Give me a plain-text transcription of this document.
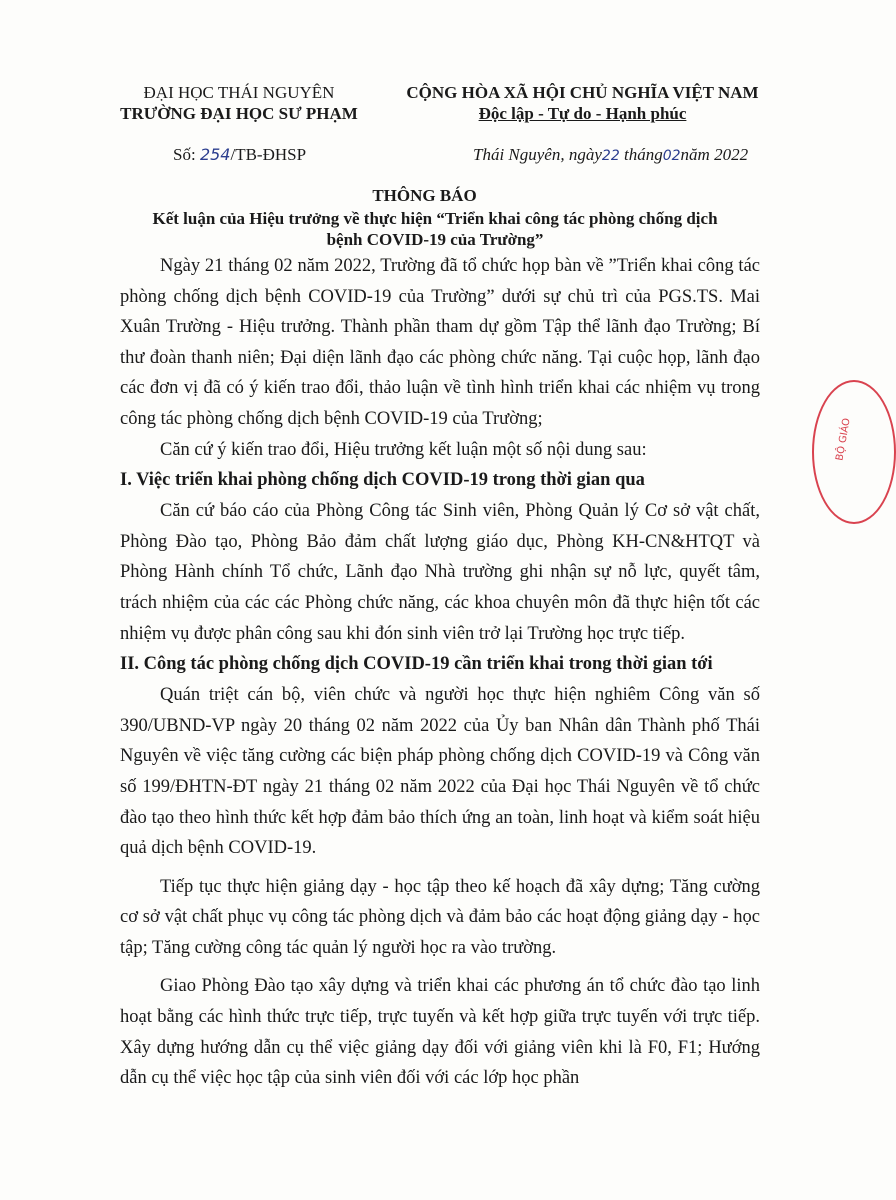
ĐẠI HỌC THÁI NGUYÊN
TRƯỜNG ĐẠI HỌC SƯ PHẠM
CỘNG HÒA XÃ HỘI CHỦ NGHĨA VIỆT NAM
Độc lập - Tự do - Hạnh phúc
Số: 254/TB-ĐHSP	Thái Nguyên, ngày22 tháng02năm 2022
THÔNG BÁO
Kết luận của Hiệu trưởng về thực hiện “Triển khai công tác phòng chống dịch bệnh COVID-19 của Trường”

Ngày 21 tháng 02 năm 2022, Trường đã tổ chức họp bàn về ”Triển khai công tác phòng chống dịch bệnh COVID-19 của Trường” dưới sự chủ trì của PGS.TS. Mai Xuân Trường - Hiệu trưởng. Thành phần tham dự gồm Tập thể lãnh đạo Trường; Bí thư đoàn thanh niên; Đại diện lãnh đạo các phòng chức năng. Tại cuộc họp, lãnh đạo các đơn vị đã có ý kiến trao đổi, thảo luận về tình hình triển khai các nhiệm vụ trong công tác phòng chống dịch bệnh COVID-19 của Trường;

Căn cứ ý kiến trao đổi, Hiệu trưởng kết luận một số nội dung sau:

I. Việc triển khai phòng chống dịch COVID-19 trong thời gian qua

Căn cứ báo cáo của Phòng Công tác Sinh viên, Phòng Quản lý Cơ sở vật chất, Phòng Đào tạo, Phòng Bảo đảm chất lượng giáo dục, Phòng KH-CN&HTQT và Phòng Hành chính Tổ chức, Lãnh đạo Nhà trường ghi nhận sự nỗ lực, quyết tâm, trách nhiệm của các các Phòng chức năng, các khoa chuyên môn đã thực hiện tốt các nhiệm vụ được phân công sau khi đón sinh viên trở lại Trường học trực tiếp.

II. Công tác phòng chống dịch COVID-19 cần triển khai trong thời gian tới

Quán triệt cán bộ, viên chức và người học thực hiện nghiêm Công văn số 390/UBND-VP ngày 20 tháng 02 năm 2022 của Ủy ban Nhân dân Thành phố Thái Nguyên về việc tăng cường các biện pháp phòng chống dịch COVID-19 và Công văn số 199/ĐHTN-ĐT ngày 21 tháng 02 năm 2022 của Đại học Thái Nguyên về tổ chức đào tạo theo hình thức kết hợp đảm bảo thích ứng an toàn, linh hoạt và kiểm soát hiệu quả dịch bệnh COVID-19.

Tiếp tục thực hiện giảng dạy - học tập theo kế hoạch đã xây dựng; Tăng cường cơ sở vật chất phục vụ công tác phòng dịch và đảm bảo các hoạt động giảng dạy - học tập; Tăng cường công tác quản lý người học ra vào trường.

Giao Phòng Đào tạo xây dựng và triển khai các phương án tổ chức đào tạo linh hoạt bằng các hình thức trực tiếp, trực tuyến và kết hợp giữa trực tuyến với trực tiếp. Xây dựng hướng dẫn cụ thể việc giảng dạy đối với giảng viên khi là F0, F1; Hướng dẫn cụ thể việc học tập của sinh viên đối với các lớp học phần

BỘ GIÁO
